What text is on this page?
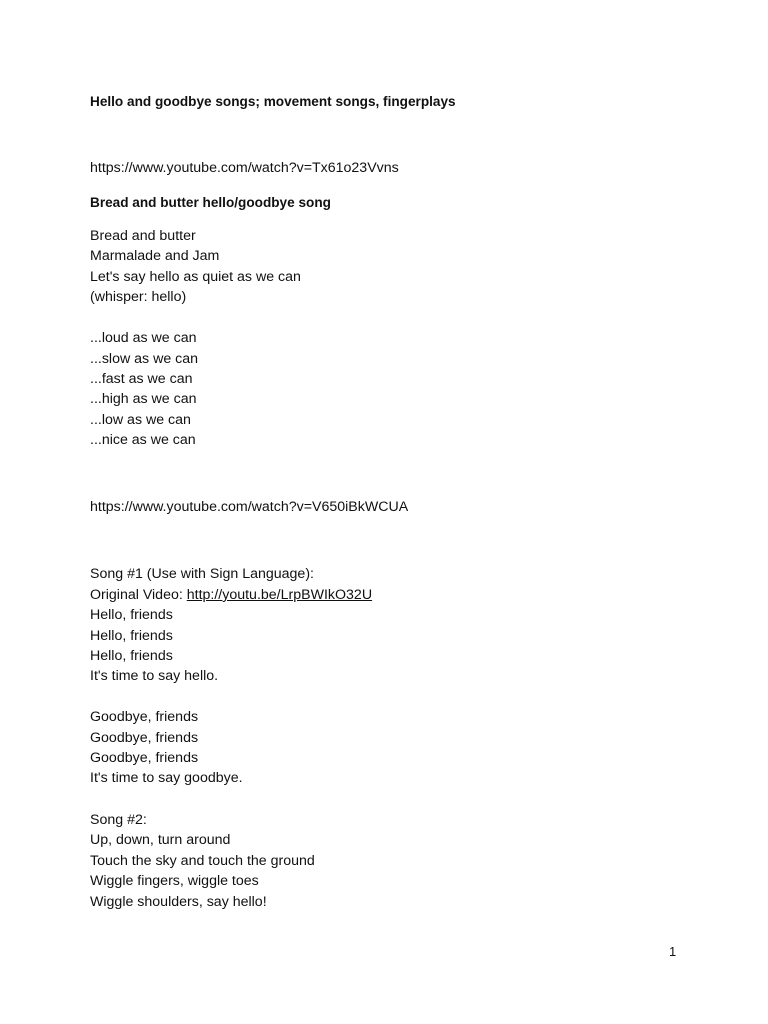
Hello and goodbye songs; movement songs, fingerplays
https://www.youtube.com/watch?v=Tx61o23Vvns
Bread and butter hello/goodbye song
Bread and butter
Marmalade and Jam
Let's say hello as quiet as we can
(whisper: hello)
...loud as we can
...slow as we can
...fast as we can
...high as we can
...low as we can
...nice as we can
https://www.youtube.com/watch?v=V650iBkWCUA
Song #1 (Use with Sign Language):
Original Video: http://youtu.be/LrpBWIkO32U
Hello, friends
Hello, friends
Hello, friends
It's time to say hello.
Goodbye, friends
Goodbye, friends
Goodbye, friends
It's time to say goodbye.
Song #2:
Up, down, turn around
Touch the sky and touch the ground
Wiggle fingers, wiggle toes
Wiggle shoulders, say hello!
1
